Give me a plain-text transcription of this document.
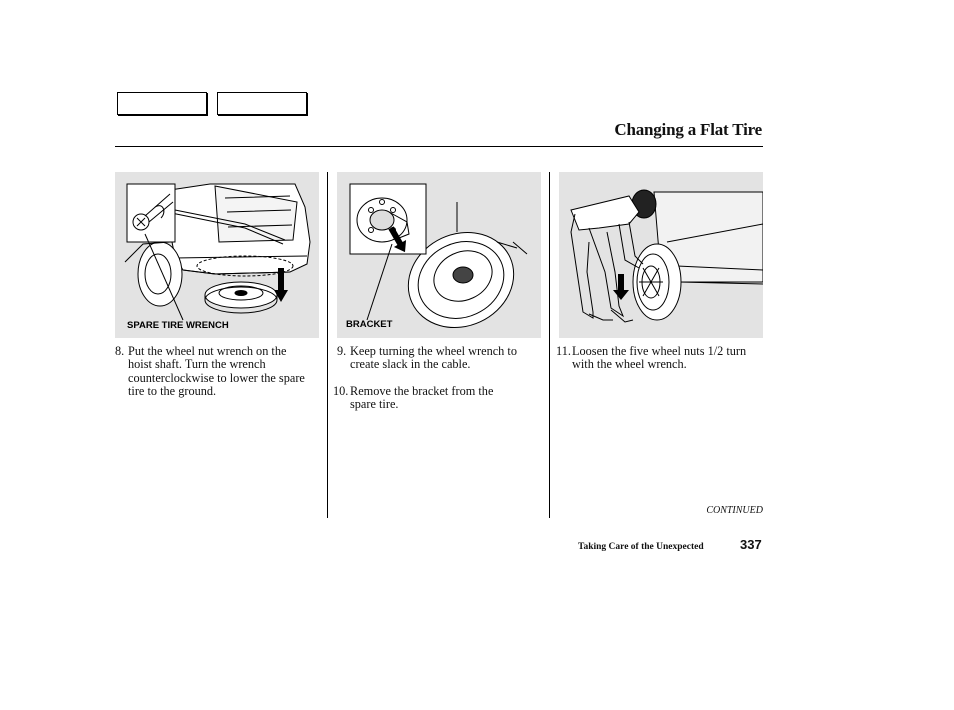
Changing a Flat Tire
SPARE TIRE WRENCH	BRACKET
8. Put the wheel nut wrench on the hoist shaft. Turn the wrench counterclockwise to lower the spare tire to the ground.
9. Keep turning the wheel wrench to create slack in the cable.
10. Remove the bracket from the spare tire.
11. Loosen the five wheel nuts 1/2 turn with the wheel wrench.
CONTINUED
Taking Care of the Unexpected	337
